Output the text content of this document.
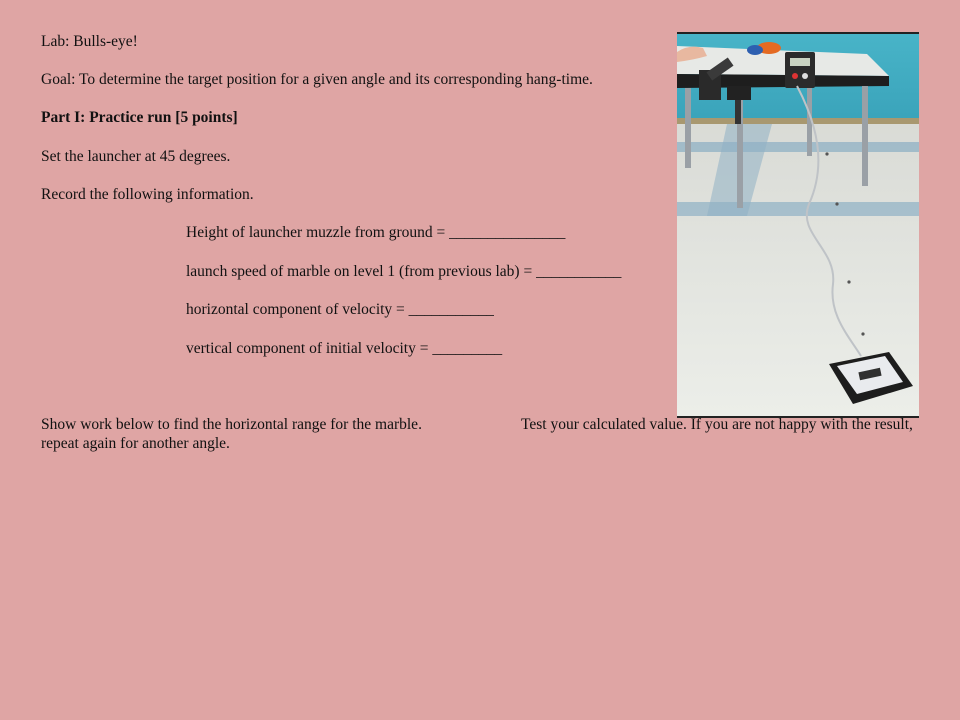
Lab: Bulls-eye!
Goal: To determine the target position for a given angle and its corresponding hang-time.
Part I: Practice run [5 points]
Set the launcher at 45 degrees.
Record the following information.
Height of launcher muzzle from ground = _______________
launch speed of marble on level 1 (from previous lab) = ___________
horizontal component of velocity = ___________
vertical component of initial velocity = _________
Show work below to find the horizontal range for the marble.	Test your calculated value. If you are not happy with the result,
repeat again for another angle.
